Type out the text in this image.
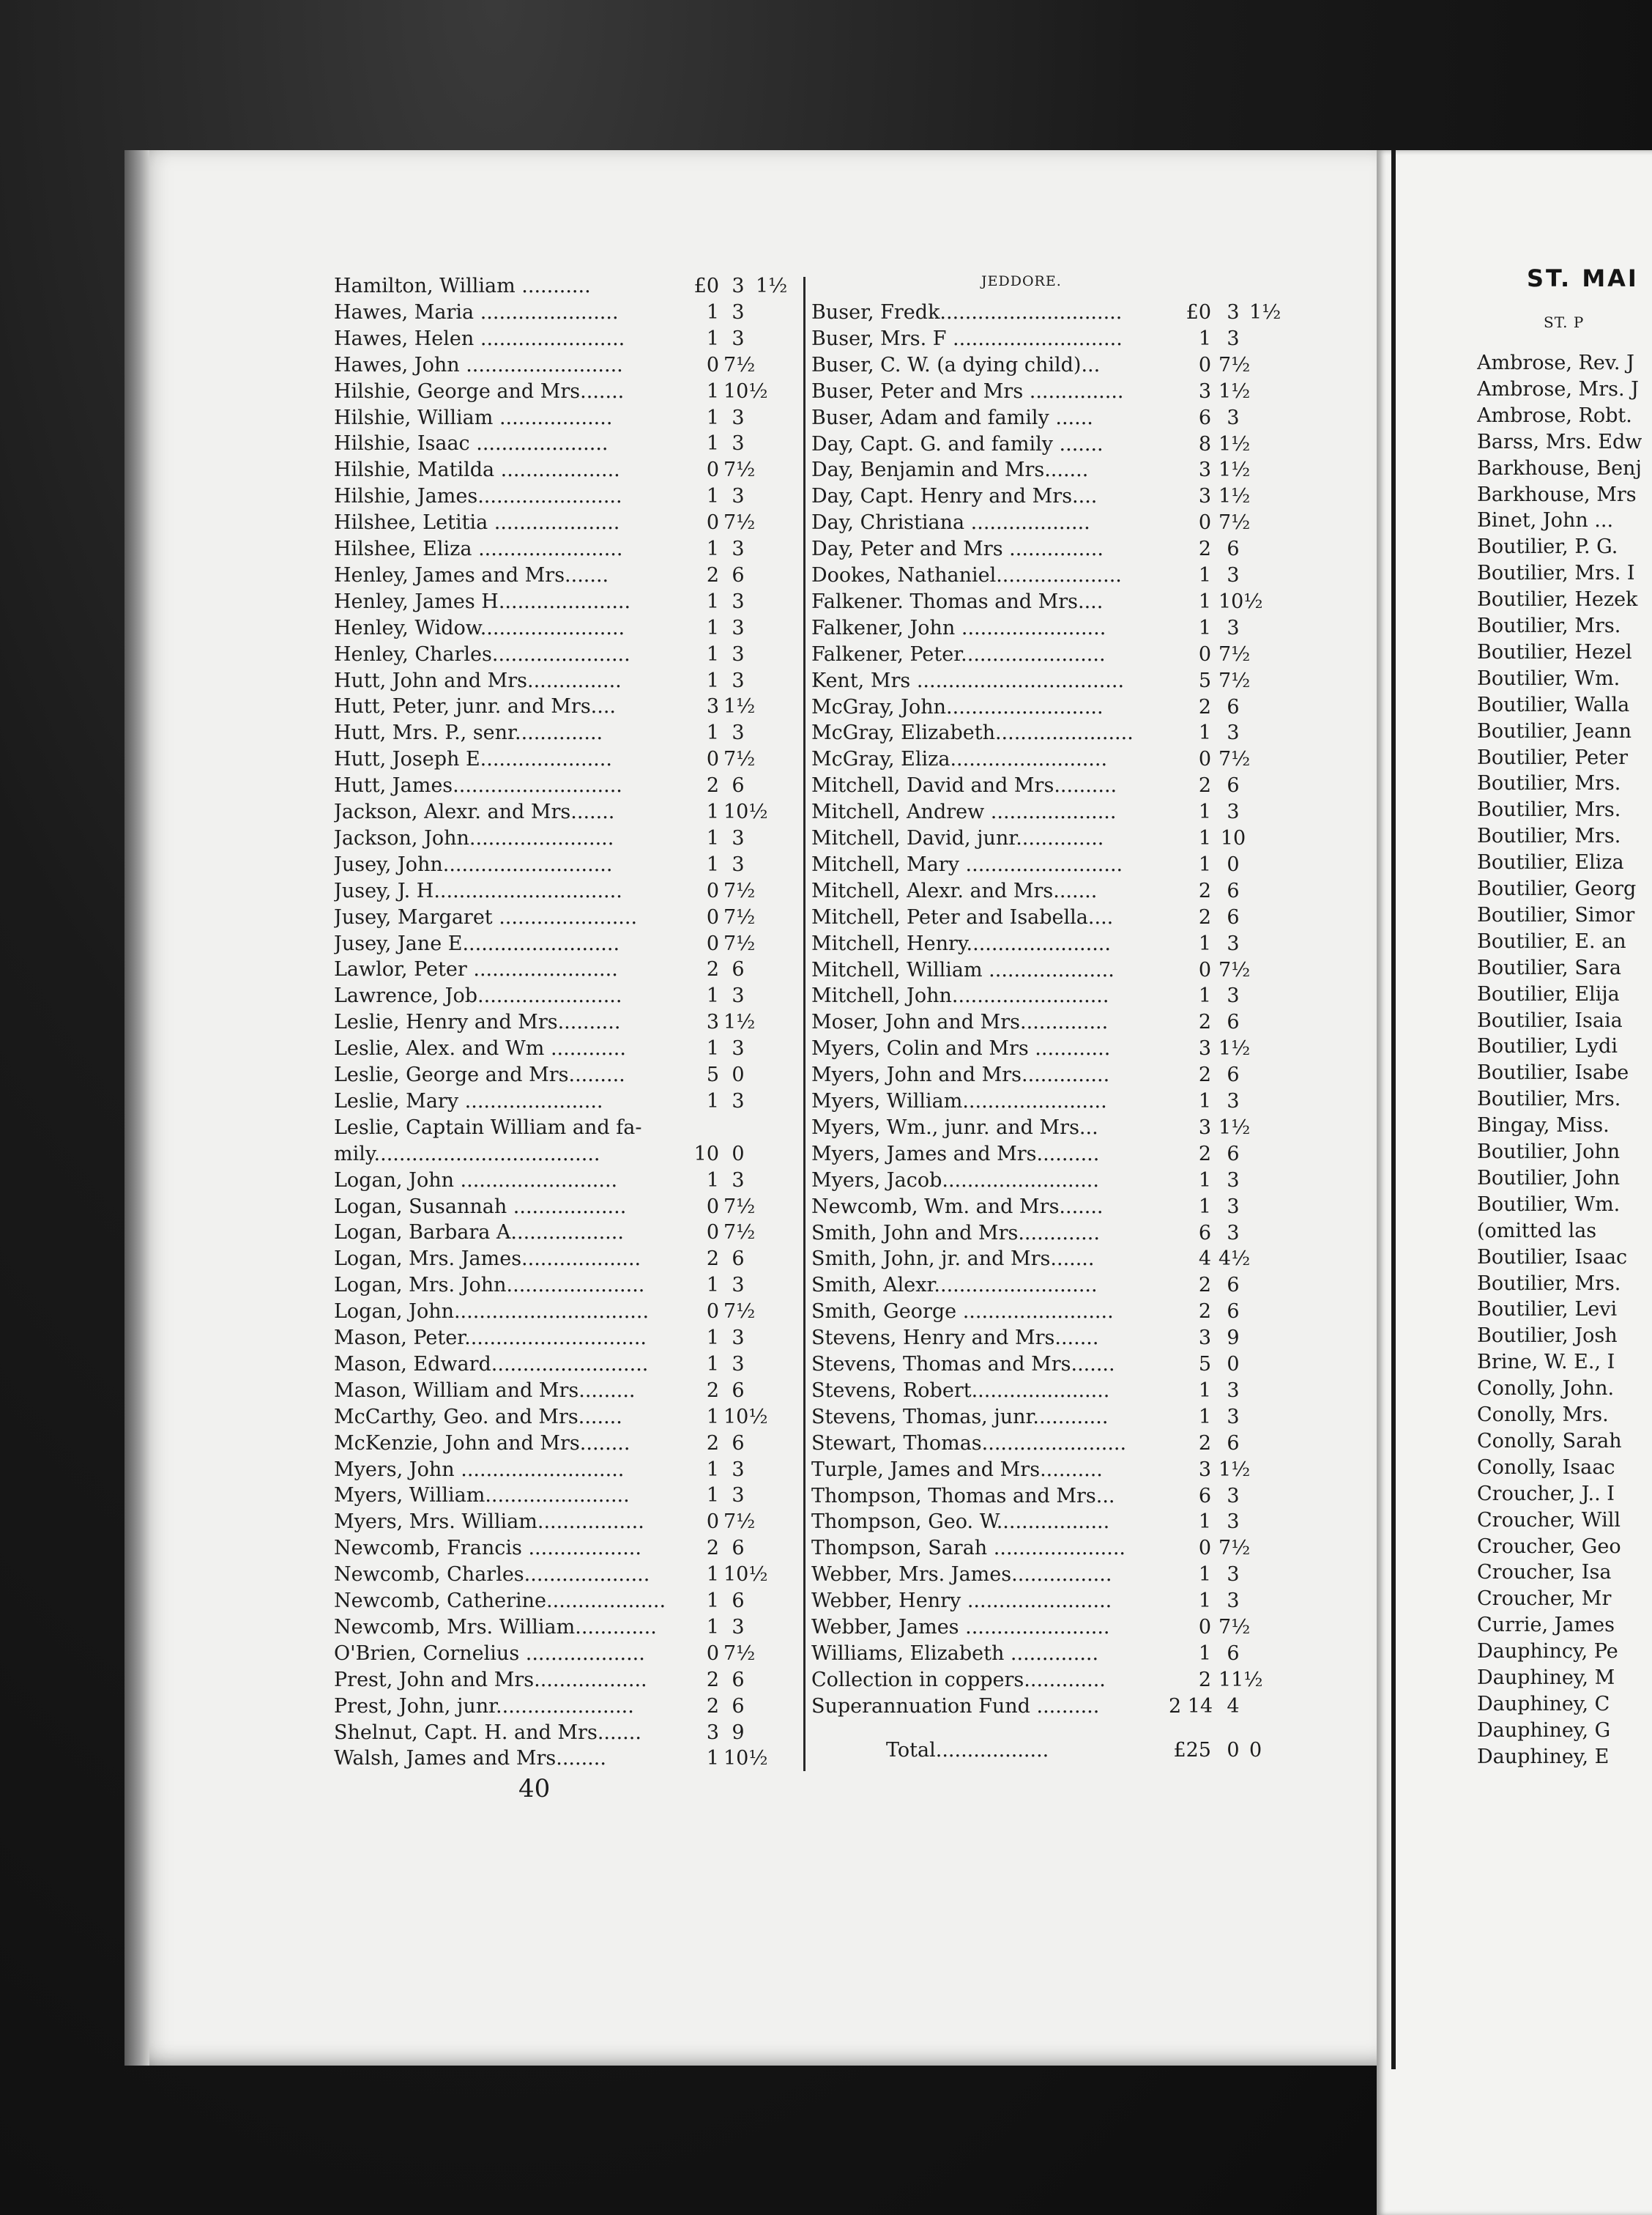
Hamilton, William ...........	£0 3 1½
Hawes, Maria ......................	1 3
Hawes, Helen .......................	1 3
Hawes, John .........................	0 7½
Hilshie, George and Mrs.......	1 10½
Hilshie, William ..................	1 3
Hilshie, Isaac .....................	1 3
Hilshie, Matilda ...................	0 7½
Hilshie, James.......................	1 3
Hilshee, Letitia ....................	0 7½
Hilshee, Eliza .......................	1 3
Henley, James and Mrs.......	2 6
Henley, James H.....................	1 3
Henley, Widow.......................	1 3
Henley, Charles......................	1 3
Hutt, John and Mrs...............	1 3
Hutt, Peter, junr. and Mrs....	3 1½
Hutt, Mrs. P., senr..............	1 3
Hutt, Joseph E.....................	0 7½
Hutt, James...........................	2 6
Jackson, Alexr. and Mrs.......	1 10½
Jackson, John.......................	1 3
Jusey, John...........................	1 3
Jusey, J. H..............................	0 7½
Jusey, Margaret ......................	0 7½
Jusey, Jane E.........................	0 7½
Lawlor, Peter .......................	2 6
Lawrence, Job.......................	1 3
Leslie, Henry and Mrs..........	3 1½
Leslie, Alex. and Wm ............	1 3
Leslie, George and Mrs.........	5 0
Leslie, Mary ......................	1 3
Leslie, Captain William and fa-
mily....................................	10 0
Logan, John .........................	1 3
Logan, Susannah ..................	0 7½
Logan, Barbara A..................	0 7½
Logan, Mrs. James...................	2 6
Logan, Mrs. John......................	1 3
Logan, John...............................	0 7½
Mason, Peter.............................	1 3
Mason, Edward.........................	1 3
Mason, William and Mrs.........	2 6
McCarthy, Geo. and Mrs.......	1 10½
McKenzie, John and Mrs........	2 6
Myers, John ..........................	1 3
Myers, William.......................	1 3
Myers, Mrs. William.................	0 7½
Newcomb, Francis ..................	2 6
Newcomb, Charles....................	1 10½
Newcomb, Catherine...................	1 6
Newcomb, Mrs. William.............	1 3
O'Brien, Cornelius ...................	0 7½
Prest, John and Mrs..................	2 6
Prest, John, junr......................	2 6
Shelnut, Capt. H. and Mrs.......	3 9
Walsh, James and Mrs........	1 10½
JEDDORE.
Buser, Fredk.............................	£0 3 1½
Buser, Mrs. F ...........................	1 3
Buser, C. W. (a dying child)...	0 7½
Buser, Peter and Mrs ...............	3 1½
Buser, Adam and family ......	6 3
Day, Capt. G. and family .......	8 1½
Day, Benjamin and Mrs.......	3 1½
Day, Capt. Henry and Mrs....	3 1½
Day, Christiana ...................	0 7½
Day, Peter and Mrs ...............	2 6
Dookes, Nathaniel....................	1 3
Falkener. Thomas and Mrs....	1 10½
Falkener, John .......................	1 3
Falkener, Peter.......................	0 7½
Kent, Mrs .................................	5 7½
McGray, John.........................	2 6
McGray, Elizabeth......................	1 3
McGray, Eliza.........................	0 7½
Mitchell, David and Mrs..........	2 6
Mitchell, Andrew ....................	1 3
Mitchell, David, junr..............	1 10
Mitchell, Mary .........................	1 0
Mitchell, Alexr. and Mrs.......	2 6
Mitchell, Peter and Isabella....	2 6
Mitchell, Henry.......................	1 3
Mitchell, William ....................	0 7½
Mitchell, John.........................	1 3
Moser, John and Mrs..............	2 6
Myers, Colin and Mrs ............	3 1½
Myers, John and Mrs..............	2 6
Myers, William.......................	1 3
Myers, Wm., junr. and Mrs...	3 1½
Myers, James and Mrs..........	2 6
Myers, Jacob.........................	1 3
Newcomb, Wm. and Mrs.......	1 3
Smith, John and Mrs.............	6 3
Smith, John, jr. and Mrs.......	4 4½
Smith, Alexr..........................	2 6
Smith, George ........................	2 6
Stevens, Henry and Mrs.......	3 9
Stevens, Thomas and Mrs.......	5 0
Stevens, Robert......................	1 3
Stevens, Thomas, junr............	1 3
Stewart, Thomas.......................	2 6
Turple, James and Mrs..........	3 1½
Thompson, Thomas and Mrs...	6 3
Thompson, Geo. W..................	1 3
Thompson, Sarah .....................	0 7½
Webber, Mrs. James................	1 3
Webber, Henry .......................	1 3
Webber, James .......................	0 7½
Williams, Elizabeth ..............	1 6
Collection in coppers.............	2 11½
Superannuation Fund ..........	2 14 4
Total..................	£25 0 0
ST. MAI
ST. P
Ambrose, Rev. J
Ambrose, Mrs. J
Ambrose, Robt.
Barss, Mrs. Edw
Barkhouse, Benj
Barkhouse, Mrs
Binet, John ...
Boutilier, P. G.
Boutilier, Mrs. I
Boutilier, Hezek
Boutilier, Mrs.
Boutilier, Hezel
Boutilier, Wm.
Boutilier, Walla
Boutilier, Jeann
Boutilier, Peter
Boutilier, Mrs.
Boutilier, Mrs.
Boutilier, Mrs.
Boutilier, Eliza
Boutilier, Georg
Boutilier, Simor
Boutilier, E. an
Boutilier, Sara
Boutilier, Elija
Boutilier, Isaia
Boutilier, Lydi
Boutilier, Isabe
Boutilier, Mrs.
Bingay, Miss.
Boutilier, John
Boutilier, John
Boutilier, Wm.
(omitted las
Boutilier, Isaac
Boutilier, Mrs.
Boutilier, Levi
Boutilier, Josh
Brine, W. E., I
Conolly, John.
Conolly, Mrs.
Conolly, Sarah
Conolly, Isaac
Croucher, J.. I
Croucher, Will
Croucher, Geo
Croucher, Isa
Croucher, Mr
Currie, James
Dauphincy, Pe
Dauphiney, M
Dauphiney, C
Dauphiney, G
Dauphiney, E
40
